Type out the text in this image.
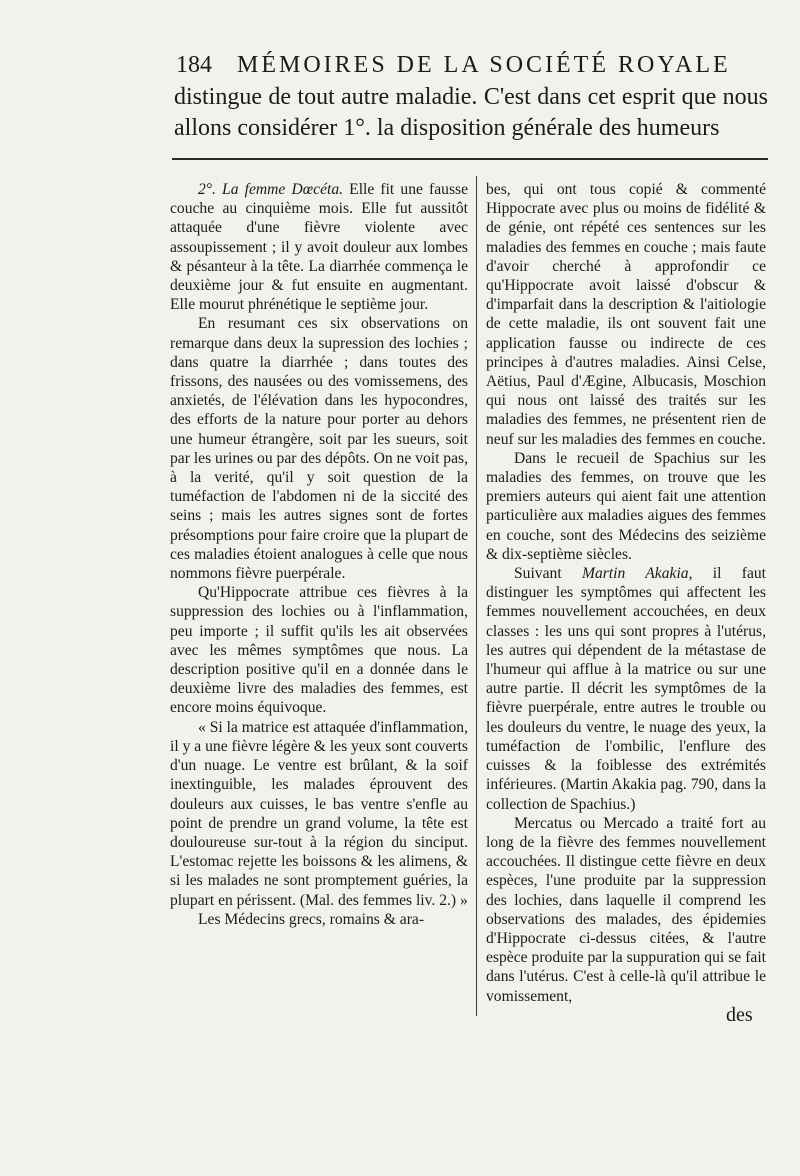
184 MÉMOIRES DE LA SOCIÉTÉ ROYALE

distingue de tout autre maladie. C'est dans cet esprit que nous allons considérer 1°. la disposition générale des humeurs

2°. La femme Dœcéta. Elle fit une fausse couche au cinquième mois. Elle fut aussitôt attaquée d'une fièvre violente avec assoupissement ; il y avoit douleur aux lombes & pésanteur à la tête. La diarrhée commença le deuxième jour & fut ensuite en augmentant. Elle mourut phrénétique le septième jour.

En resumant ces six observations on remarque dans deux la supression des lochies ; dans quatre la diarrhée ; dans toutes des frissons, des nausées ou des vomissemens, des anxietés, de l'élévation dans les hypocondres, des efforts de la nature pour porter au dehors une humeur étrangère, soit par les sueurs, soit par les urines ou par des dépôts. On ne voit pas, à la verité, qu'il y soit question de la tuméfaction de l'abdomen ni de la siccité des seins ; mais les autres signes sont de fortes présomptions pour faire croire que la plupart de ces maladies étoient analogues à celle que nous nommons fièvre puerpérale.

Qu'Hippocrate attribue ces fièvres à la suppression des lochies ou à l'inflammation, peu importe ; il suffit qu'ils les ait observées avec les mêmes symptômes que nous. La description positive qu'il en a donnée dans le deuxième livre des maladies des femmes, est encore moins équivoque.

« Si la matrice est attaquée d'inflammation, il y a une fièvre légère & les yeux sont couverts d'un nuage. Le ventre est brûlant, & la soif inextinguible, les malades éprouvent des douleurs aux cuisses, le bas ventre s'enfle au point de prendre un grand volume, la tête est douloureuse sur-tout à la région du sinciput. L'estomac rejette les boissons & les alimens, & si les malades ne sont promptement guéries, la plupart en périssent. (Mal. des femmes liv. 2.) »

Les Médecins grecs, romains & ara-

bes, qui ont tous copié & commenté Hippocrate avec plus ou moins de fidélité & de génie, ont répété ces sentences sur les maladies des femmes en couche ; mais faute d'avoir cherché à approfondir ce qu'Hippocrate avoit laissé d'obscur & d'imparfait dans la description & l'aitiologie de cette maladie, ils ont souvent fait une application fausse ou indirecte de ces principes à d'autres maladies. Ainsi Celse, Aëtius, Paul d'Ægine, Albucasis, Moschion qui nous ont laissé des traités sur les maladies des femmes, ne présentent rien de neuf sur les maladies des femmes en couche.

Dans le recueil de Spachius sur les maladies des femmes, on trouve que les premiers auteurs qui aient fait une attention particulière aux maladies aigues des femmes en couche, sont des Médecins des seizième & dix-septième siècles.

Suivant Martin Akakia, il faut distinguer les symptômes qui affectent les femmes nouvellement accouchées, en deux classes : les uns qui sont propres à l'utérus, les autres qui dépendent de la métastase de l'humeur qui afflue à la matrice ou sur une autre partie. Il décrit les symptômes de la fièvre puerpérale, entre autres le trouble ou les douleurs du ventre, le nuage des yeux, la tuméfaction de l'ombilic, l'enflure des cuisses & la foiblesse des extrémités inférieures. (Martin Akakia pag. 790, dans la collection de Spachius.)

Mercatus ou Mercado a traité fort au long de la fièvre des femmes nouvellement accouchées. Il distingue cette fièvre en deux espèces, l'une produite par la suppression des lochies, dans laquelle il comprend les observations des malades, des épidemies d'Hippocrate ci-dessus citées, & l'autre espèce produite par la suppuration qui se fait dans l'utérus. C'est à celle-là qu'il attribue le vomissement,

des
